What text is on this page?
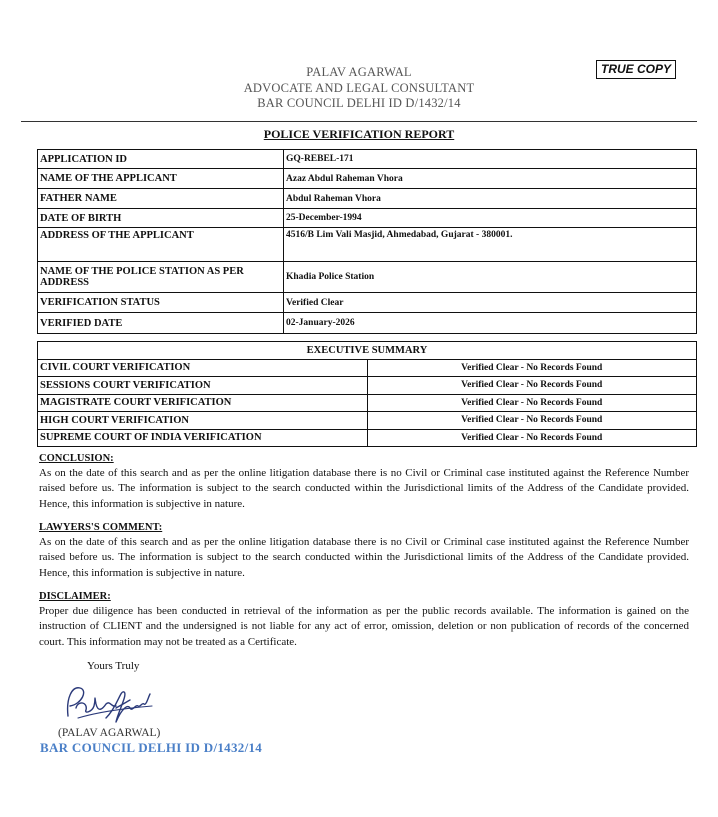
PALAV AGARWAL
ADVOCATE AND LEGAL CONSULTANT
BAR COUNCIL DELHI ID D/1432/14
TRUE COPY
POLICE VERIFICATION REPORT
APPLICATION ID	GQ-REBEL-171
NAME OF THE APPLICANT	Azaz Abdul Raheman Vhora
FATHER NAME	Abdul Raheman Vhora
DATE OF BIRTH	25-December-1994
ADDRESS OF THE APPLICANT	4516/B Lim Vali Masjid, Ahmedabad, Gujarat - 380001.
NAME OF THE POLICE STATION AS PER ADDRESS	Khadia Police Station
VERIFICATION STATUS	Verified Clear
VERIFIED DATE	02-January-2026
EXECUTIVE SUMMARY	
CIVIL COURT VERIFICATION	Verified Clear - No Records Found
SESSIONS COURT VERIFICATION	Verified Clear - No Records Found
MAGISTRATE COURT VERIFICATION	Verified Clear - No Records Found
HIGH COURT VERIFICATION	Verified Clear - No Records Found
SUPREME COURT OF INDIA VERIFICATION	Verified Clear - No Records Found
CONCLUSION:
As on the date of this search and as per the online litigation database there is no Civil or Criminal case instituted against the Reference Number raised before us. The information is subject to the search conducted within the Jurisdictional limits of the Address of the Candidate provided. Hence, this information is subjective in nature.
LAWYERS'S COMMENT:
As on the date of this search and as per the online litigation database there is no Civil or Criminal case instituted against the Reference Number raised before us. The information is subject to the search conducted within the Jurisdictional limits of the Address of the Candidate provided. Hence, this information is subjective in nature.
DISCLAIMER:
Proper due diligence has been conducted in retrieval of the information as per the public records available. The information is gained on the instruction of CLIENT and the undersigned is not liable for any act of error, omission, deletion or non publication of records of the concerned court. This information may not be treated as a Certificate.
Yours Truly
(PALAV AGARWAL)
BAR COUNCIL DELHI ID D/1432/14
